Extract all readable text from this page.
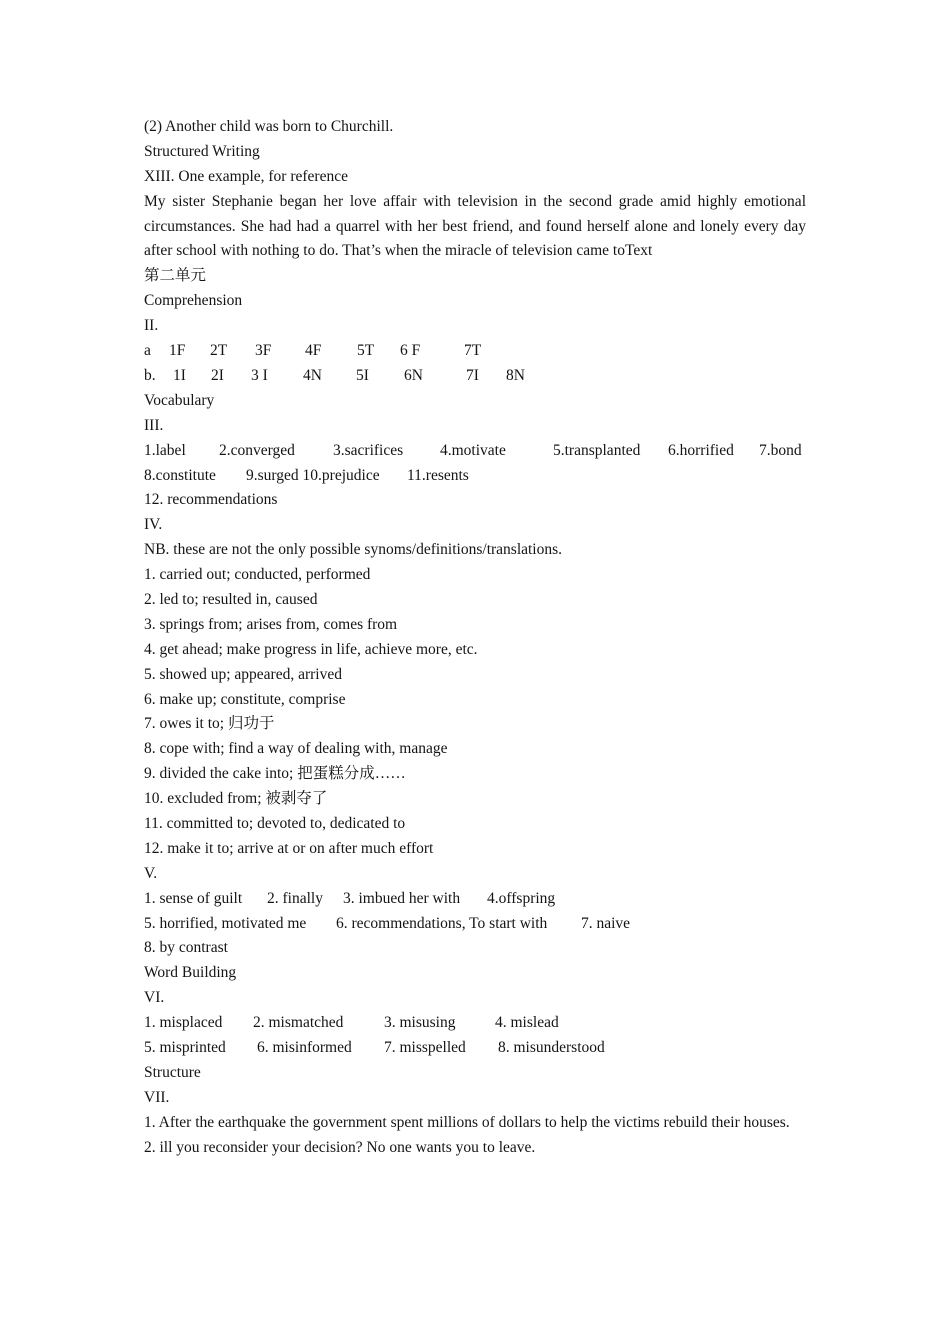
(2) Another child was born to Churchill.
Structured Writing
XIII. One example, for reference
My sister Stephanie began her love affair with television in the second grade amid highly emotional circumstances. She had had a quarrel with her best friend, and found herself alone and lonely every day after school with nothing to do. That’s when the miracle of television came toText
第二单元
Comprehension
II.
a 1F 2T 3F 4F 5T 6 F	7T
b. 1I 2I 3 I 4N 5I 6N	7I 8N
Vocabulary
III.
1.label 2.converged 3.sacrifices 4.motivate	5.transplanted 6.horrified 7.bond
8.constitute 9.surged 10.prejudice 11.resents
12. recommendations
IV.
NB. these are not the only possible synoms/definitions/translations.
1. carried out; conducted, performed
2. led to; resulted in, caused
3. springs from; arises from, comes from
4. get ahead; make progress in life, achieve more, etc.
5. showed up; appeared, arrived
6. make up; constitute, comprise
7. owes it to; 归功于
8. cope with; find a way of dealing with, manage
9. divided the cake into; 把蛋糕分成……
10. excluded from; 被剥夺了
11. committed to; devoted to, dedicated to
12. make it to; arrive at or on after much effort
V.
1. sense of guilt 2. finally 3. imbued her with 4.offspring
5. horrified, motivated me 6. recommendations, To start with 7. naive
8. by contrast
Word Building
VI.
1. misplaced 2. mismatched	3. misusing	4. mislead
5. misprinted 6. misinformed 7. misspelled 8. misunderstood
Structure
VII.
1. After the earthquake the government spent millions of dollars to help the victims rebuild their houses.
2. ill you reconsider your decision? No one wants you to leave.
